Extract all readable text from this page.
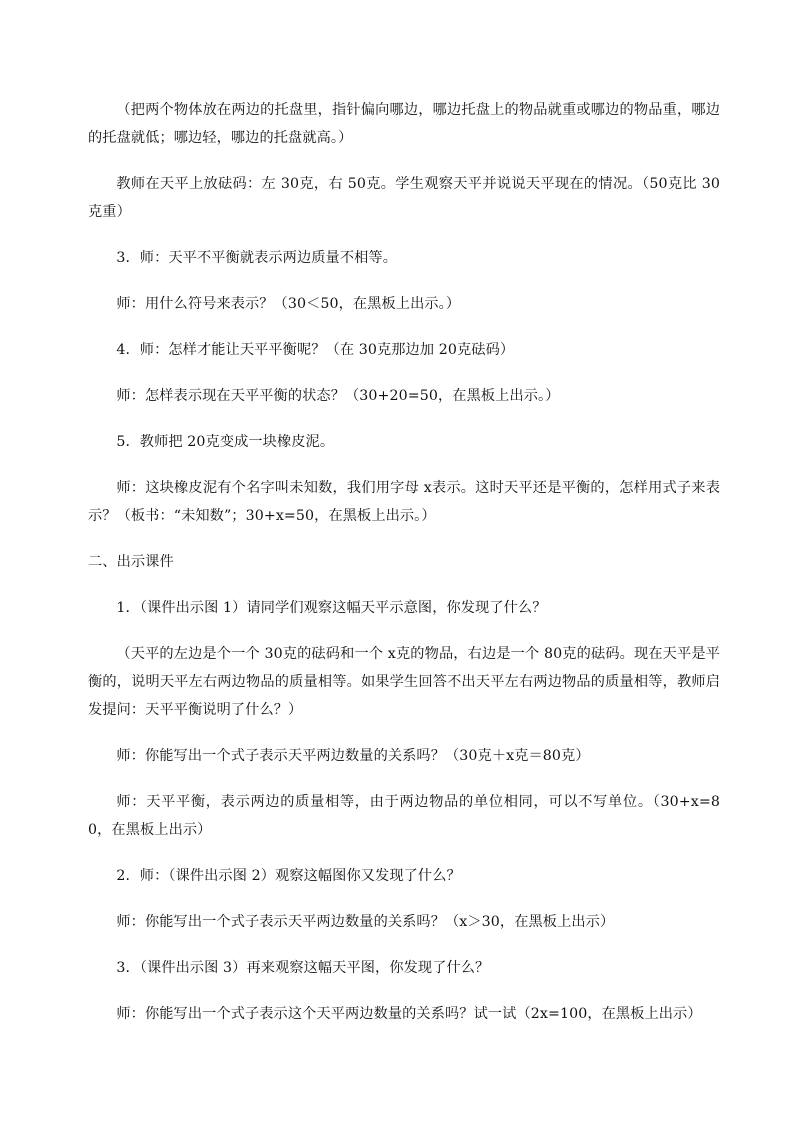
（把两个物体放在两边的托盘里，指针偏向哪边，哪边托盘上的物品就重或哪边的物品重，哪边的托盘就低；哪边轻，哪边的托盘就高。）

教师在天平上放砝码：左 30克，右 50克。学生观察天平并说说天平现在的情况。（50克比 30克重）

3．师：天平不平衡就表示两边质量不相等。

师：用什么符号来表示？（30＜50，在黑板上出示。）

4．师：怎样才能让天平平衡呢？（在 30克那边加 20克砝码）

师：怎样表示现在天平平衡的状态？（30+20=50，在黑板上出示。）

5．教师把 20克变成一块橡皮泥。

师：这块橡皮泥有个名字叫未知数，我们用字母 x表示。这时天平还是平衡的，怎样用式子来表示？（板书：“未知数”；30+x=50，在黑板上出示。）

二、出示课件

1．（课件出示图 1）请同学们观察这幅天平示意图，你发现了什么？

（天平的左边是个一个 30克的砝码和一个 x克的物品，右边是一个 80克的砝码。现在天平是平衡的，说明天平左右两边物品的质量相等。如果学生回答不出天平左右两边物品的质量相等，教师启发提问：天平平衡说明了什么？）

师：你能写出一个式子表示天平两边数量的关系吗？（30克＋x克＝80克）

师：天平平衡，表示两边的质量相等，由于两边物品的单位相同，可以不写单位。（30+x=80，在黑板上出示）

2．师：（课件出示图 2）观察这幅图你又发现了什么？

师：你能写出一个式子表示天平两边数量的关系吗？（x＞30，在黑板上出示）

3．（课件出示图 3）再来观察这幅天平图，你发现了什么？

师：你能写出一个式子表示这个天平两边数量的关系吗？试一试（2x=100，在黑板上出示）
